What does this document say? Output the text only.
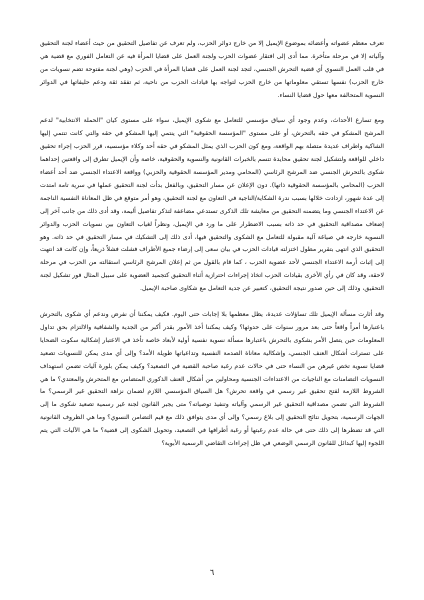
تعرف معظم عضواته وأعضائه بموضوع الإيميل إلا من خارج دوائر الحزب، ولم تعرف عن تفاصيل التحقيق من حيث أعضاء لجنة التحقيق وآلياته إلا في مرحلة متأخرة. مما أدى إلى افتقار عضوات الحزب ولجنة العمل على قضايا المرأة فيه عن التعامل الفوري مع قضية هي في قلب العمل النسوي أي قضية التحرش الجنسي، لتجد لجنة العمل على قضايا المرأة في الحزب (وهي لجنة مفتوحة تضم نسويات من خارج الحزب) نفسها تستقي معلوماتها من خارج الحزب لتواجه بها قيادات الحزب من ناحية، ثم تفقد ثقة ودعم حليفاتها في الدوائر النسوية المتحالفة معها حول قضايا النساء.

ومع تسارع الأحداث، وعدم وجود أي سياق مؤسسي للتعامل مع شكوى الإيميل، سواء على مستوى كيان "الحملة الانتخابية" لدعم المرشح المشكو في حقه بالتحرش، أو على مستوى "المؤسسة الحقوقية" التي ينتمي إليها المشكو في حقه والتي كانت تنتمي إليها الشاكية واطراف عديدة متصلة بهم الواقعة، ومع كون الحزب الذي يمثل المشكو في حقه أحد وكلاء مؤسسيه، قرر الحزب إجراء تحقيق داخلي للواقعة ولتشكيل لجنة تحقيق محايدة تتسم بالخبرات القانونية والنسوية والحقوقية، خاصة وأن الإيميل تطرق إلى واقعتين إحداهما شكوى بالتحرش الجنسي ضد المرشح الرئاسي (المحامي ومدير المؤسسة الحقوقية والحزبي) وواقعة الاعتداء الجنسي ضد أحد أعضاء الحزب (المحامي بالمؤسسة الحقوقية ذاتها). دون الإعلان عن مسار التحقيق، وبالفعل بدأت لجنة التحقيق عملها في سرية تامة امتدت إلى عدة شهور، ازدادت خلالها بسبب ندرة الشكاية/الناجية في التعاون مع لجنة التحقيق، وهو أمر متوقع في ظل المعاناة النفسية الناجمة عن الاعتداء الجنسي وما يتضمنه التحقيق من معايشة تلك الذكرى تستدعي مضاعفة لتذكر تفاصيل أليمة، وقد أدى ذلك من جانب آخر إلى إضعاف مصداقية التحقيق في حد ذاته بسبب الاضطرار على ما ورد في الإيميل، ونظراً لغياب التعاون بين نسويات الحزب والدوائر النسوية خارجه في صياغة آلية مقبولة للتعامل مع الشكوى والتحقيق فيها، أدى ذلك إلى التشكيك في مسار التحقيق في حد ذاته. وهو التحقيق الذي انتهى بتقرير مطول اختزلته قيادات الحزب في بيان سعى إلى إرضاء جميع الأطراف فشلت فشلاً ذريعاً، وإن كانت قد انتهت إلى إثبات أرمة الاعتداء الجنسي لأحد عضوية الحزب ، كما قام بالقول من ثم إعلان المرشح الرئاسي استقالته من الحزب في مرحلة لاحقة، وقد كان في رأي الأخرى بقيادات الحزب اتخاذ إجراءات احترازية أثناء التحقيق كتجميد العضوية على سبيل المثال فور تشكيل لجنة التحقيق، وذلك إلى حين صدور نتيجة التحقيق، كتعبير عن جدية التعامل مع شكاوى صاحبة الإيميل.

وقد أثارت مسألة الإيميل تلك تساؤلات عديدة، يظل معظمها بلا إجابات حتى اليوم. فكيف يمكننا أن نفرض وندعم أي شكوى بالتحرش باعتبارها أمراً واقعاً حتى بعد مرور سنوات على حدوثها؟ وكيف يمكننا أخذ الأمور بقدر أكبر من الجدية والشفافية والالتزام بحق تداول المعلومات حين يتصل الأمر بشكوى بالتحرش باعتبارها مسألة نسوية نفسية أولية لأبعاد خاصة تأخذ في الاعتبار إشكالية سكوت الضحايا على تسترات أشكال العنف الجنسي، وإشكالية معاناة الصدمة النفسية وتداعياتها طويلة الأمد؟ وإلى أي مدى يمكن للنسويات تصعيد قضايا نسوية تخص غيرهن من النساء حتى في حالات عدم رغبة صاحبة القضية في التصعيد؟ وكيف يمكن بلورة آليات تضمن استهداف النسويات التضامنات مع الناجيات من الاعتداءات الجنسية ومحاولين من أشكال العنف الذكوري المتضامن مع المتحرش والمعتدي؟ ما هي الشروط اللازمة لفتح تحقيق غير رسمي في واقعة تحرش؟ هل السياق المؤسسي اللازم لضمان نزاهة التحقيق غير الرسمي؟ ما الشروط التي تضمن مصداقية التحقيق غير الرسمي وآلياته وتنفيذ توصياته؟ متى يجبر القانون لجنة غير رسمية تصعيد شكوى ما إلى الجهات الرسمية، بتحويل نتائج التحقيق إلى بلاغ رسمي؟ وإلى أي مدى يتوافق ذلك مع قيم التضامن النسوي؟ وما هي الظروف القانونية التي قد تضطرها إلى ذلك حتى في حالة عدم رغبتها أو رغبة أطرافها في التصعيد، وتحويل الشكوى إلى قضية؟ ما هي الآليات التي يتم اللجوء إليها كبدائل للقانون الرسمي الوضعي في ظل إجراءات التقاضي الرسمية الأبوية؟

٦
